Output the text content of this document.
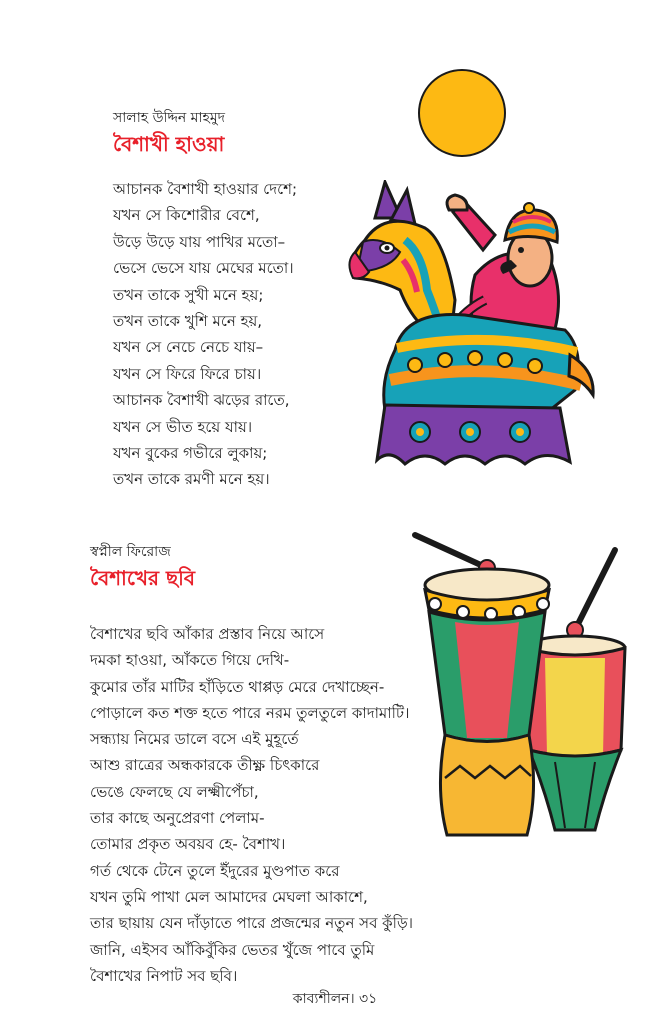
সালাহ উদ্দিন মাহমুদ
বৈশাখী হাওয়া
আচানক বৈশাখী হাওয়ার দেশে;
যখন সে কিশোরীর বেশে,
উড়ে উড়ে যায় পাখির মতো–
ভেসে ভেসে যায় মেঘের মতো।
তখন তাকে সুখী মনে হয়;
তখন তাকে খুশি মনে হয়,
যখন সে নেচে নেচে যায়–
যখন সে ফিরে ফিরে চায়।
আচানক বৈশাখী ঝড়ের রাতে,
যখন সে ভীত হয়ে যায়।
যখন বুকের গভীরে লুকায়;
তখন তাকে রমণী মনে হয়।
স্বপ্নীল ফিরোজ
বৈশাখের ছবি
বৈশাখের ছবি আঁকার প্রস্তাব নিয়ে আসে
দমকা হাওয়া, আঁকতে গিয়ে দেখি-
কুমোর তাঁর মাটির হাঁড়িতে থাপ্পড় মেরে দেখাচ্ছেন-
পোড়ালে কত শক্ত হতে পারে নরম তুলতুলে কাদামাটি।
সন্ধ্যায় নিমের ডালে বসে এই মুহূর্তে
আশু রাত্রের অন্ধকারকে তীক্ষ্ণ চিৎকারে
ভেঙে ফেলছে যে লক্ষ্মীপেঁচা,
তার কাছে অনুপ্রেরণা পেলাম-
তোমার প্রকৃত অবয়ব হে- বৈশাখ।
গর্ত থেকে টেনে তুলে ইঁদুরের মুণ্ডপাত করে
যখন তুমি পাখা মেল আমাদের মেঘলা আকাশে,
তার ছায়ায় যেন দাঁড়াতে পারে প্রজন্মের নতুন সব কুঁড়ি।
জানি, এইসব আঁকিবুঁকির ভেতর খুঁজে পাবে তুমি
বৈশাখের নিপাট সব ছবি।
কাব্যশীলন। ৩১
